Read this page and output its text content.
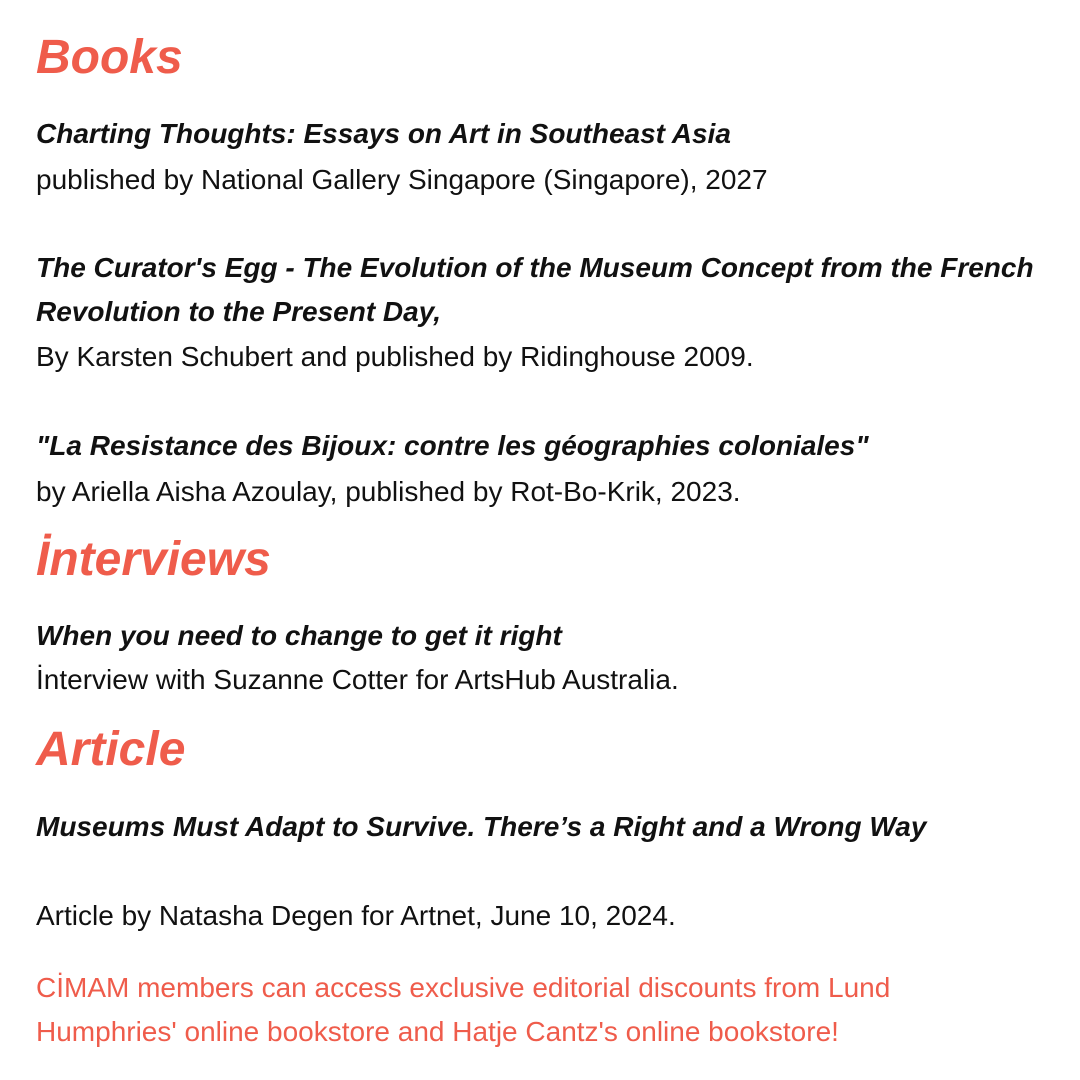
Books
Charting Thoughts: Essays on Art in Southeast Asia
published by National Gallery Singapore (Singapore), 2027
The Curator's Egg - The Evolution of the Museum Concept from the French Revolution to the Present Day,
By Karsten Schubert and published by Ridinghouse 2009.
"La Resistance des Bijoux: contre les géographies coloniales"
by Ariella Aisha Azoulay, published by Rot-Bo-Krik, 2023.
İnterviews
When you need to change to get it right
İnterview with Suzanne Cotter for ArtsHub Australia.
Article
Museums Must Adapt to Survive. There’s a Right and a Wrong Way
Article by Natasha Degen for Artnet, June 10, 2024.
CİMAM members can access exclusive editorial discounts from Lund Humphries' online bookstore and Hatje Cantz's online bookstore!
